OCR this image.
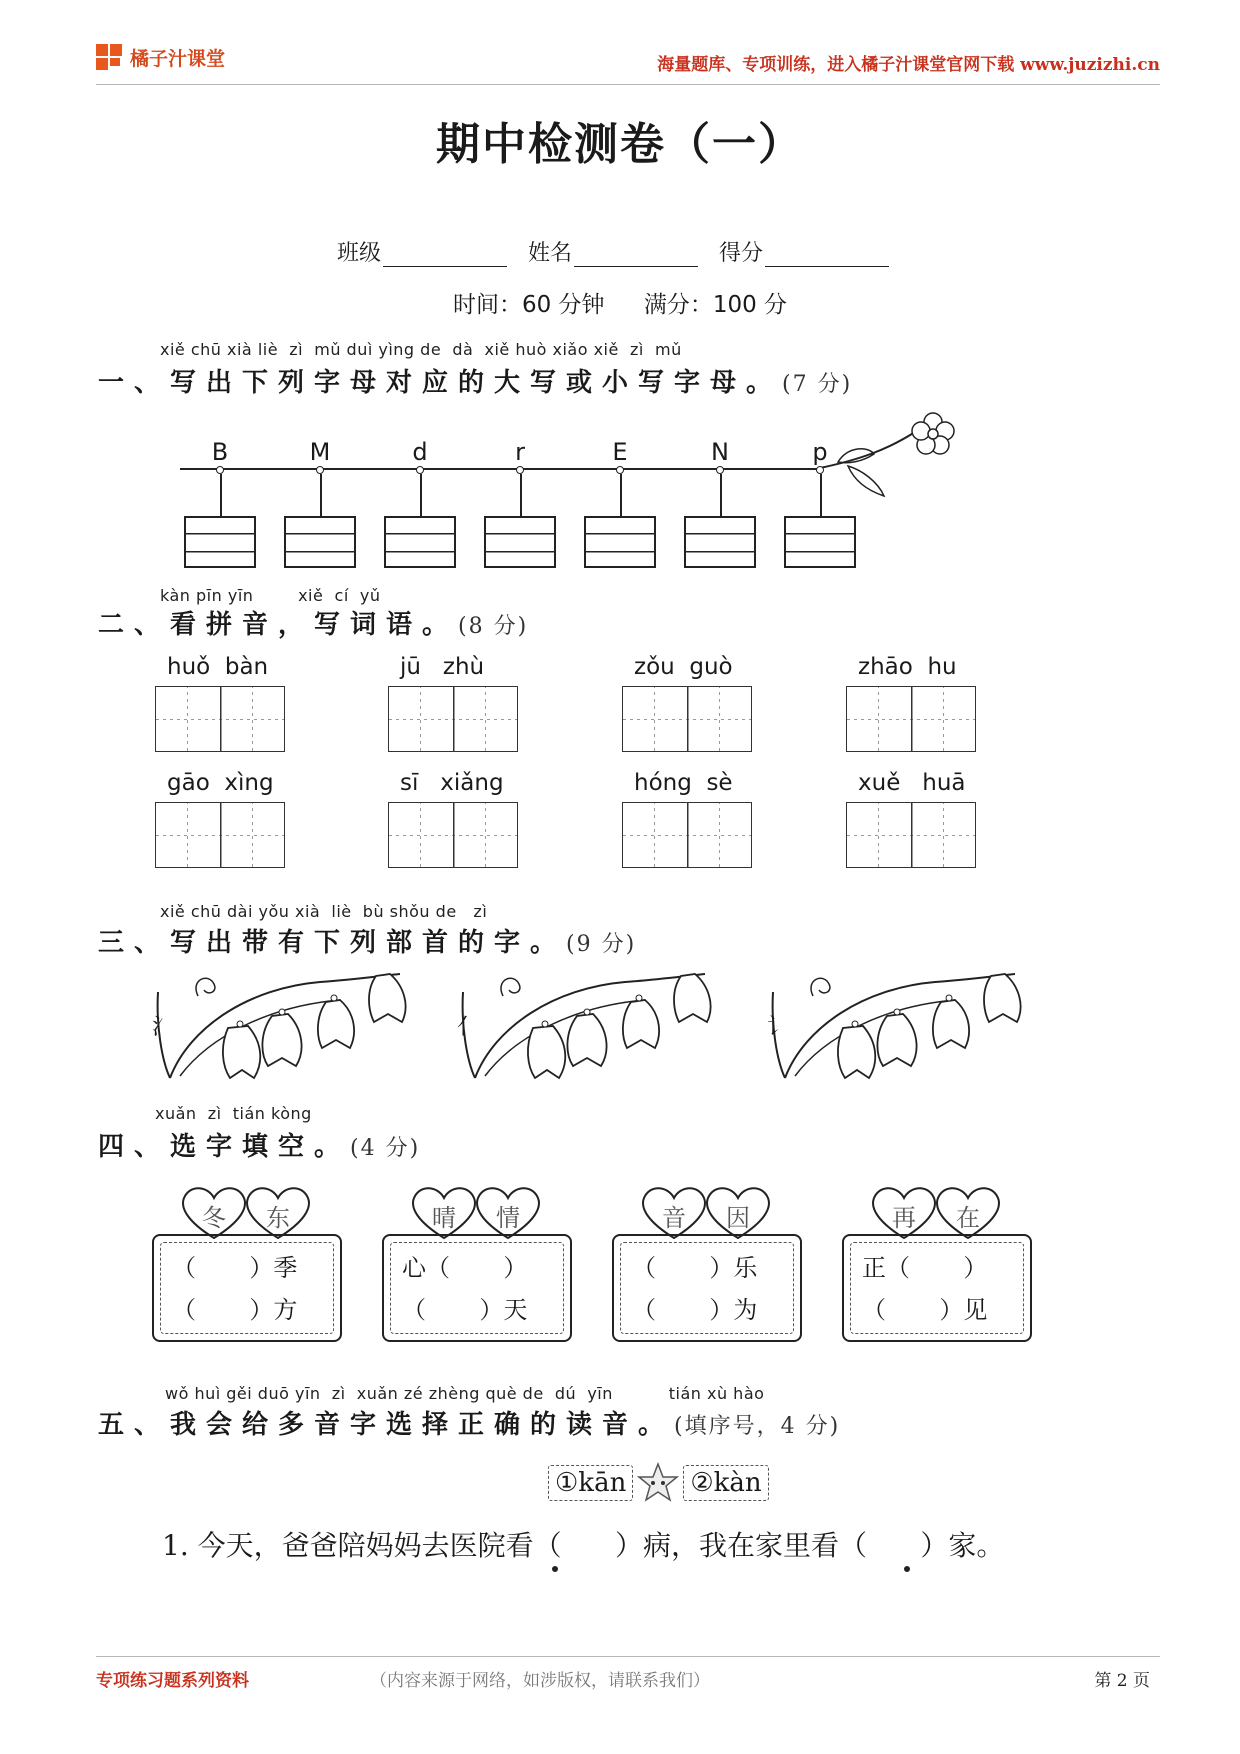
橘子汁课堂	海量题库、专项训练，进入橘子汁课堂官网下载 www.juzizhi.cn
期中检测卷（一）
班级	姓名	得分
时间：60 分钟 满分：100 分
xiě chū xià liè  zì  mǔ duì yìng de  dà  xiě huò xiǎo xiě  zì  mǔ
一、写出下列字母对应的大写或小写字母。(7 分)
B	M	d	r	E	N	p
kàn pīn yīn        xiě  cí  yǔ
二、看拼音，写词语。(8 分)
huǒ  bàn	jū   zhù	zǒu  guò	zhāo  hu
gāo  xìng	sī   xiǎng	hóng  sè	xuě   huā
xiě chū dài yǒu xià  liè  bù shǒu de   zì
三、写出带有下列部首的字。(9 分)
氵	亻	讠
xuǎn  zì  tián kòng
四、选字填空。(4 分)
冬	东
（       ）季
（       ）方
晴	情
心（       ）
（       ）天
音	因
（       ）乐
（       ）为
再	在
正（       ）
（       ）见
wǒ huì gěi duō yīn  zì  xuǎn zé zhèng què de  dú  yīn          tián xù hào
五、我会给多音字选择正确的读音。(填序号，4 分)
①kān ②kàn
1. 今天，爸爸陪妈妈去医院看（      ）病，我在家里看（      ）家。
专项练习题系列资料	（内容来源于网络，如涉版权，请联系我们）	第 2 页
